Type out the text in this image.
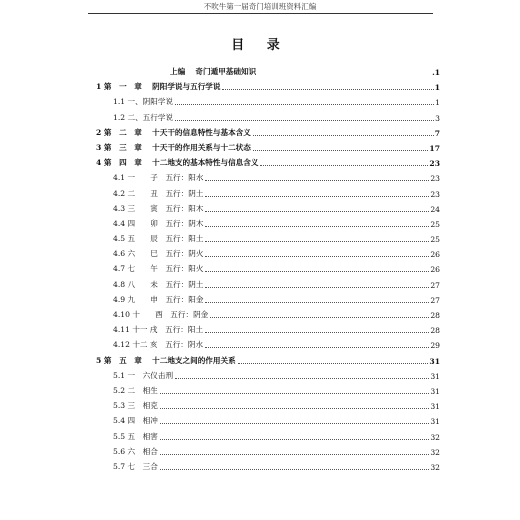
不吹牛第一届奇门培训班资料汇编
目 录
上编　 奇门遁甲基础知识	.1
1 第　一　章　 阴阳学说与五行学说	1
1.1 一、阴阳学说	1
1.2 二、五行学说	3
2 第　二　章　 十天干的信息特性与基本含义	7
3 第　三　章　 十天干的作用关系与十二状态	17
4 第　四　章　 十二地支的基本特性与信息含义	23
4.1 一　　子　五行：阳水	23
4.2 二　　丑　五行：阴土	23
4.3 三　　寅　五行：阳木	24
4.4 四　　卯　五行：阴木	25
4.5 五　　辰　五行：阳土	25
4.6 六　　巳　五行：阴火	26
4.7 七　　午　五行：阳火	26
4.8 八　　未　五行：阴土	27
4.9 九　　申　五行：阳金	27
4.10 十　　酉　五行：阴金	28
4.11 十一 戌　五行：阳土	28
4.12 十二 亥　五行：阴水	29
5 第　五　章　 十二地支之间的作用关系	31
5.1 一　六仪击刑	31
5.2 二　相生	31
5.3 三　相克	31
5.4 四　相冲	31
5.5 五　相害	32
5.6 六　相合	32
5.7 七　三合	32
